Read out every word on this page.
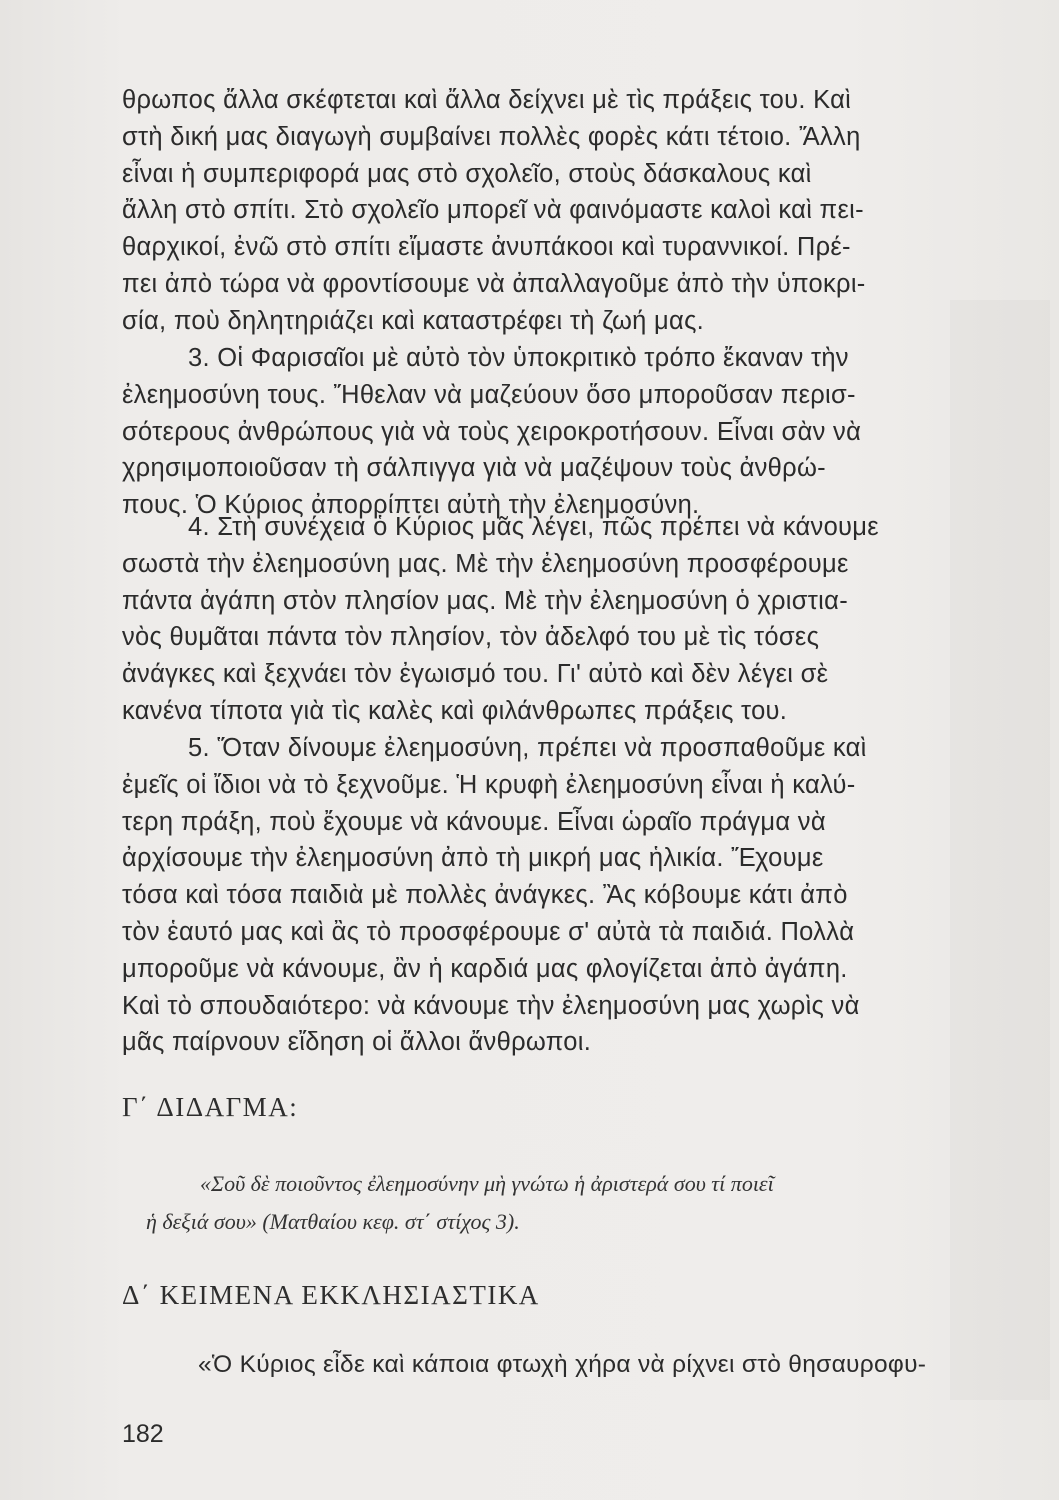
θρωπος ἄλλα σκέφτεται καὶ ἄλλα δείχνει μὲ τὶς πράξεις του. Καὶ
στὴ δική μας διαγωγὴ συμβαίνει πολλὲς φορὲς κάτι τέτοιο. Ἄλλη
εἶναι ἡ συμπεριφορά μας στὸ σχολεῖο, στοὺς δάσκαλους καὶ
ἄλλη στὸ σπίτι. Στὸ σχολεῖο μπορεῖ νὰ φαινόμαστε καλοὶ καὶ πει-
θαρχικοί, ἐνῶ στὸ σπίτι εἴμαστε ἀνυπάκοοι καὶ τυραννικοί. Πρέ-
πει ἀπὸ τώρα νὰ φροντίσουμε νὰ ἀπαλλαγοῦμε ἀπὸ τὴν ὑποκρι-
σία, ποὺ δηλητηριάζει καὶ καταστρέφει τὴ ζωή μας.
3. Οἱ Φαρισαῖοι μὲ αὐτὸ τὸν ὑποκριτικὸ τρόπο ἔκαναν τὴν
ἐλεημοσύνη τους. Ἤθελαν νὰ μαζεύουν ὅσο μποροῦσαν περισ-
σότερους ἀνθρώπους γιὰ νὰ τοὺς χειροκροτήσουν. Εἶναι σὰν νὰ
χρησιμοποιοῦσαν τὴ σάλπιγγα γιὰ νὰ μαζέψουν τοὺς ἀνθρώ-
πους. Ὁ Κύριος ἀπορρίπτει αὐτὴ τὴν ἐλεημοσύνη.
4. Στὴ συνέχεια ὁ Κύριος μᾶς λέγει, πῶς πρέπει νὰ κάνουμε
σωστὰ τὴν ἐλεημοσύνη μας. Μὲ τὴν ἐλεημοσύνη προσφέρουμε
πάντα ἀγάπη στὸν πλησίον μας. Μὲ τὴν ἐλεημοσύνη ὁ χριστια-
νὸς θυμᾶται πάντα τὸν πλησίον, τὸν ἀδελφό του μὲ τὶς τόσες
ἀνάγκες καὶ ξεχνάει τὸν ἐγωισμό του. Γι' αὐτὸ καὶ δὲν λέγει σὲ
κανένα τίποτα γιὰ τὶς καλὲς καὶ φιλάνθρωπες πράξεις του.
5. Ὅταν δίνουμε ἐλεημοσύνη, πρέπει νὰ προσπαθοῦμε καὶ
ἐμεῖς οἱ ἴδιοι νὰ τὸ ξεχνοῦμε. Ἡ κρυφὴ ἐλεημοσύνη εἶναι ἡ καλύ-
τερη πράξη, ποὺ ἔχουμε νὰ κάνουμε. Εἶναι ὡραῖο πράγμα νὰ
ἀρχίσουμε τὴν ἐλεημοσύνη ἀπὸ τὴ μικρή μας ἡλικία. Ἔχουμε
τόσα καὶ τόσα παιδιὰ μὲ πολλὲς ἀνάγκες. Ἂς κόβουμε κάτι ἀπὸ
τὸν ἑαυτό μας καὶ ἂς τὸ προσφέρουμε σ' αὐτὰ τὰ παιδιά. Πολλὰ
μποροῦμε νὰ κάνουμε, ἂν ἡ καρδιά μας φλογίζεται ἀπὸ ἀγάπη.
Καὶ τὸ σπουδαιότερο: νὰ κάνουμε τὴν ἐλεημοσύνη μας χωρὶς νὰ
μᾶς παίρνουν εἴδηση οἱ ἄλλοι ἄνθρωποι.
Γ΄ ΔΙΔΑΓΜΑ:
«Σοῦ δὲ ποιοῦντος ἐλεημοσύνην μὴ γνώτω ἡ ἀριστερά σου τί ποιεῖ
ἡ δεξιά σου» (Ματθαίου κεφ. στ΄ στίχος 3).
Δ΄ ΚΕΙΜΕΝΑ ΕΚΚΛΗΣΙΑΣΤΙΚΑ
«Ὁ Κύριος εἶδε καὶ κάποια φτωχὴ χήρα νὰ ρίχνει στὸ θησαυροφυ-
182
